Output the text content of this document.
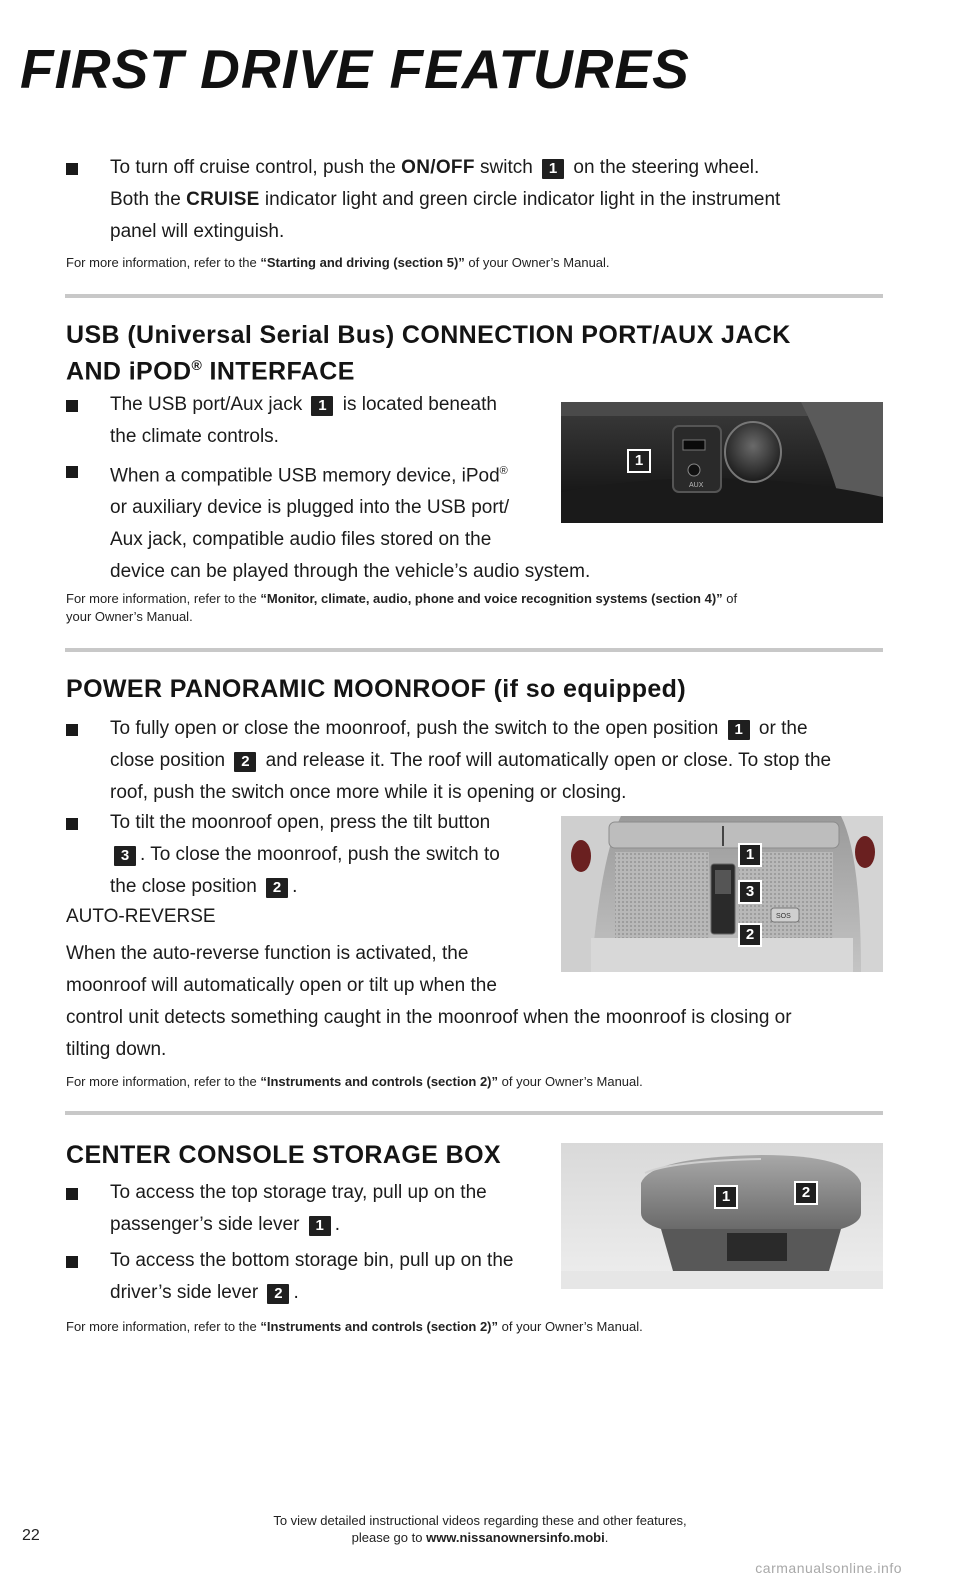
FIRST DRIVE FEATURES
To turn off cruise control, push the ON/OFF switch 1 on the steering wheel.
Both the CRUISE indicator light and green circle indicator light in the instrument
panel will extinguish.
For more information, refer to the “Starting and driving (section 5)” of your Owner’s Manual.
USB (Universal Serial Bus) CONNECTION PORT/AUX JACK
AND iPOD® INTERFACE
The USB port/Aux jack 1 is located beneath
the climate controls.
When a compatible USB memory device, iPod®
or auxiliary device is plugged into the USB port/
Aux jack, compatible audio files stored on the
device can be played through the vehicle’s audio system.
AUX
1
For more information, refer to the “Monitor, climate, audio, phone and voice recognition systems (section 4)” of
your Owner’s Manual.
POWER PANORAMIC MOONROOF (if so equipped)
To fully open or close the moonroof, push the switch to the open position 1 or the
close position 2 and release it. The roof will automatically open or close. To stop the
roof, push the switch once more while it is opening or closing.
To tilt the moonroof open, press the tilt button
3 . To close the moonroof, push the switch to
the close position 2 .
AUTO-REVERSE
When the auto-reverse function is activated, the
moonroof will automatically open or tilt up when the
control unit detects something caught in the moonroof when the moonroof is closing or
tilting down.
SOS
1
3
2
For more information, refer to the “Instruments and controls (section 2)” of your Owner’s Manual.
CENTER CONSOLE STORAGE BOX
To access the top storage tray, pull up on the
passenger’s side lever 1 .
To access the bottom storage bin, pull up on the
driver’s side lever 2 .
1	2
For more information, refer to the “Instruments and controls (section 2)” of your Owner’s Manual.
22
To view detailed instructional videos regarding these and other features,
please go to www.nissanownersinfo.mobi.
carmanualsonline.info
